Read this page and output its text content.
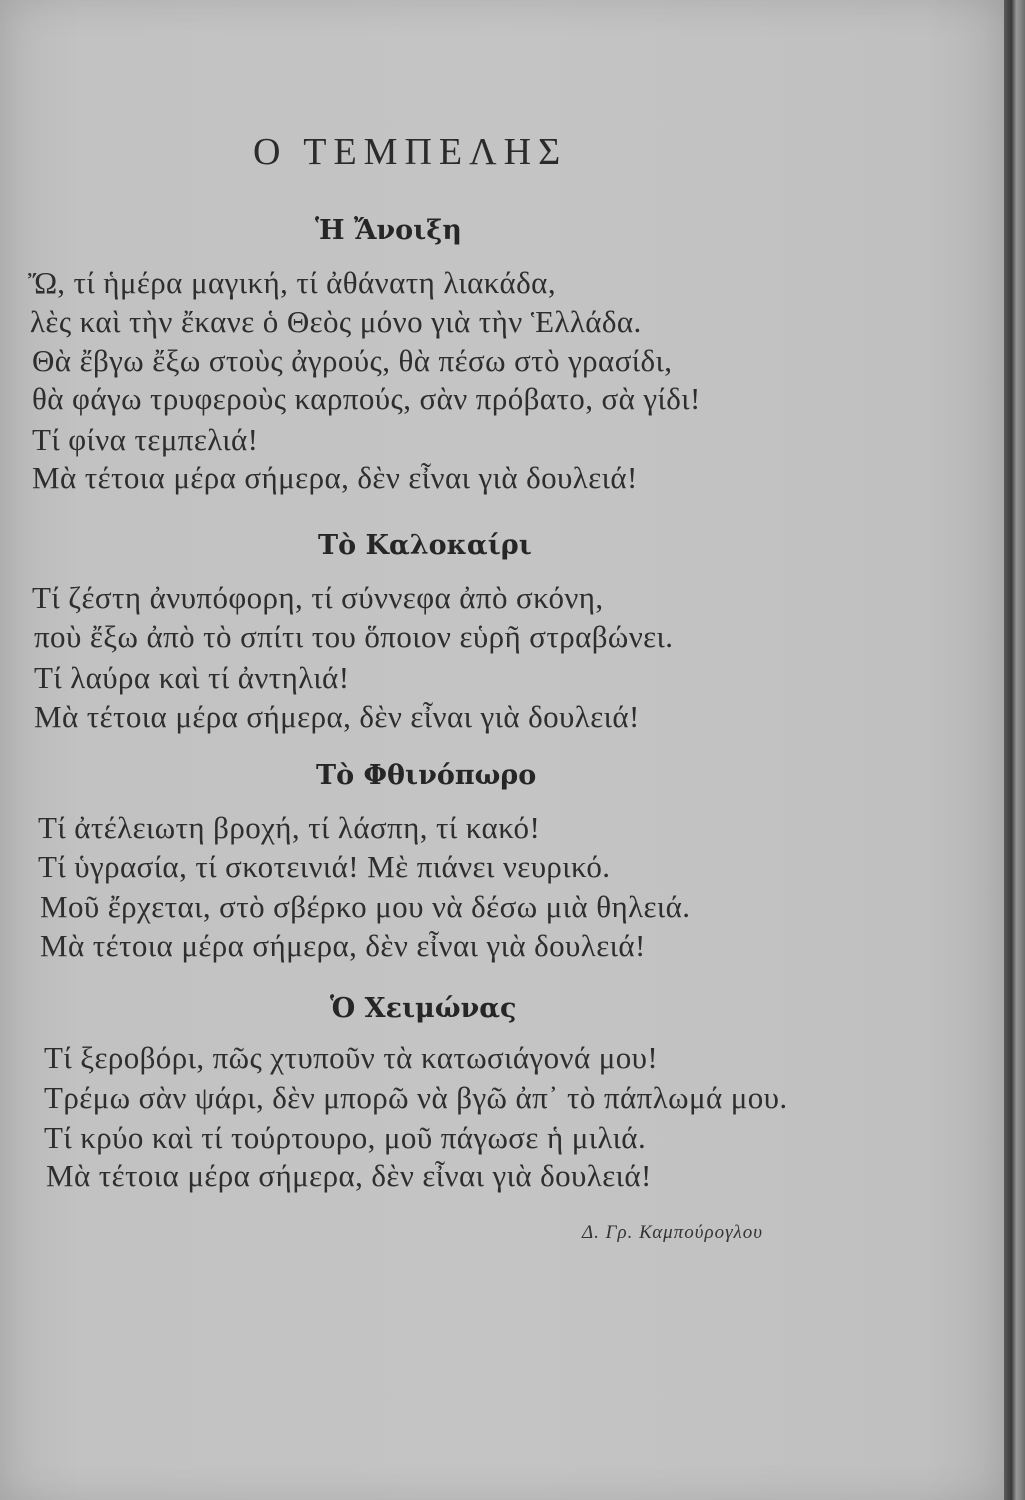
Ο ΤΕΜΠΕΛΗΣ
Ἡ Ἄνοιξη
Ὤ, τί ἡμέρα μαγική, τί ἀθάνατη λιακάδα,
λὲς καὶ τὴν ἔκανε ὁ Θεὸς μόνο γιὰ τὴν Ἑλλάδα.
Θὰ ἔβγω ἔξω στοὺς ἀγρούς, θὰ πέσω στὸ γρασίδι,
θὰ φάγω τρυφεροὺς καρπούς, σὰν πρόβατο, σὰ γίδι!
Τί φίνα τεμπελιά!
Μὰ τέτοια μέρα σήμερα, δὲν εἶναι γιὰ δουλειά!
Τὸ Καλοκαίρι
Τί ζέστη ἀνυπόφορη, τί σύννεφα ἀπὸ σκόνη,
ποὺ ἔξω ἀπὸ τὸ σπίτι του ὅποιον εὑρῆ στραβώνει.
Τί λαύρα καὶ τί ἀντηλιά!
Μὰ τέτοια μέρα σήμερα, δὲν εἶναι γιὰ δουλειά!
Τὸ Φθινόπωρο
Τί ἀτέλειωτη βροχή, τί λάσπη, τί κακό!
Τί ὑγρασία, τί σκοτεινιά! Μὲ πιάνει νευρικό.
Μοῦ ἔρχεται, στὸ σβέρκο μου νὰ δέσω μιὰ θηλειά.
Μὰ τέτοια μέρα σήμερα, δὲν εἶναι γιὰ δουλειά!
Ὁ Χειμώνας
Τί ξεροβόρι, πῶς χτυποῦν τὰ κατωσιάγονά μου!
Τρέμω σὰν ψάρι, δὲν μπορῶ νὰ βγῶ ἀπ᾽ τὸ πάπλωμά μου.
Τί κρύο καὶ τί τούρτουρο, μοῦ πάγωσε ἡ μιλιά.
Μὰ τέτοια μέρα σήμερα, δὲν εἶναι γιὰ δουλειά!
Δ. Γρ. Καμπούρογλου
